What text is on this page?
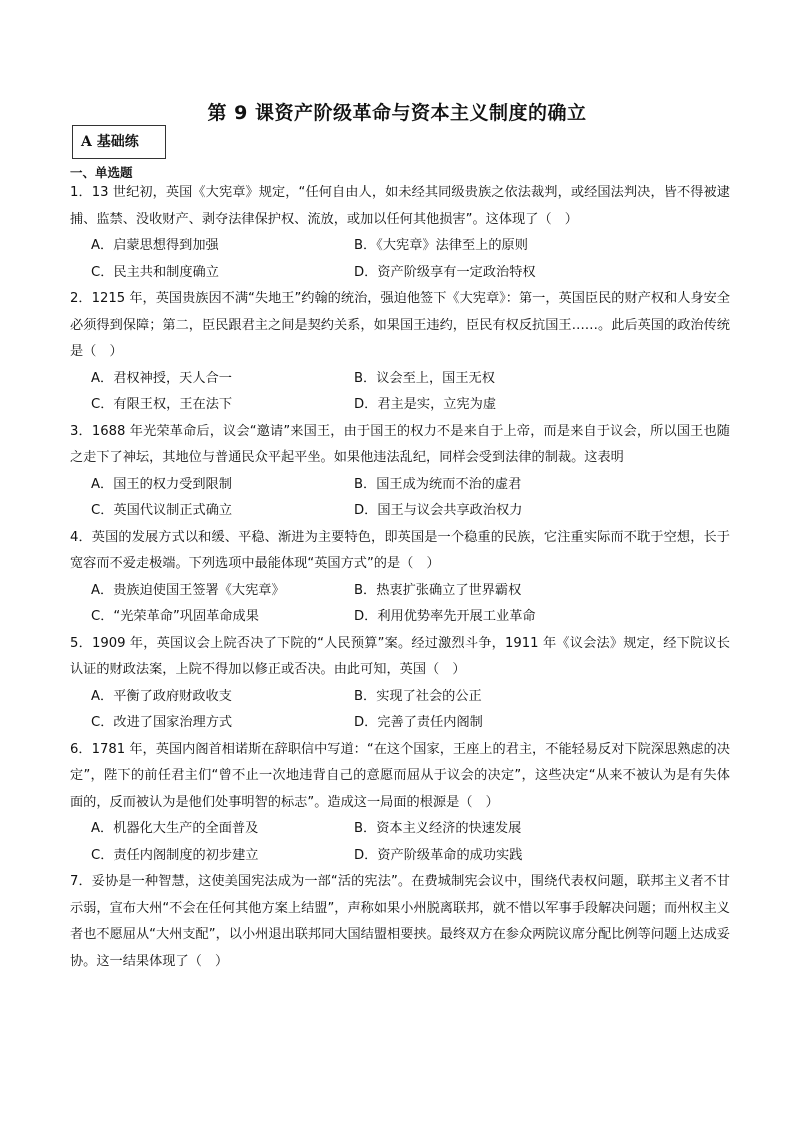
第 9 课资产阶级革命与资本主义制度的确立
A 基础练
一、单选题

1．13 世纪初，英国《大宪章》规定，“任何自由人，如未经其同级贵族之依法裁判，或经国法判决，皆不得被逮捕、监禁、没收财产、剥夺法律保护权、流放，或加以任何其他损害”。这体现了（　）

A．启蒙思想得到加强	B．《大宪章》法律至上的原则
C．民主共和制度确立	D．资产阶级享有一定政治特权

2．1215 年，英国贵族因不满“失地王”约翰的统治，强迫他签下《大宪章》：第一，英国臣民的财产权和人身安全必须得到保障；第二，臣民跟君主之间是契约关系，如果国王违约，臣民有权反抗国王……。此后英国的政治传统是（　）

A．君权神授，天人合一	B．议会至上，国王无权
C．有限王权，王在法下	D．君主是实，立宪为虚

3．1688 年光荣革命后，议会“邀请”来国王，由于国王的权力不是来自于上帝，而是来自于议会，所以国王也随之走下了神坛，其地位与普通民众平起平坐。如果他违法乱纪，同样会受到法律的制裁。这表明

A．国王的权力受到限制	B．国王成为统而不治的虚君
C．英国代议制正式确立	D．国王与议会共享政治权力

4．英国的发展方式以和缓、平稳、渐进为主要特色，即英国是一个稳重的民族，它注重实际而不耽于空想，长于宽容而不爱走极端。下列选项中最能体现“英国方式”的是（　）

A．贵族迫使国王签署《大宪章》	B．热衷扩张确立了世界霸权
C．“光荣革命”巩固革命成果	D．利用优势率先开展工业革命

5．1909 年，英国议会上院否决了下院的“人民预算”案。经过激烈斗争，1911 年《议会法》规定，经下院议长认证的财政法案，上院不得加以修正或否决。由此可知，英国（　）

A．平衡了政府财政收支	B．实现了社会的公正
C．改进了国家治理方式	D．完善了责任内阁制

6．1781 年，英国内阁首相诺斯在辞职信中写道：“在这个国家，王座上的君主，不能轻易反对下院深思熟虑的决定”，陛下的前任君主们“曾不止一次地违背自己的意愿而屈从于议会的决定”，这些决定“从来不被认为是有失体面的，反而被认为是他们处事明智的标志”。造成这一局面的根源是（　）

A．机器化大生产的全面普及	B．资本主义经济的快速发展
C．责任内阁制度的初步建立	D．资产阶级革命的成功实践

7．妥协是一种智慧，这使美国宪法成为一部“活的宪法”。在费城制宪会议中，围绕代表权问题，联邦主义者不甘示弱，宣布大州“不会在任何其他方案上结盟”，声称如果小州脱离联邦，就不惜以军事手段解决问题；而州权主义者也不愿屈从“大州支配”，以小州退出联邦同大国结盟相要挟。最终双方在参众两院议席分配比例等问题上达成妥协。这一结果体现了（　）
